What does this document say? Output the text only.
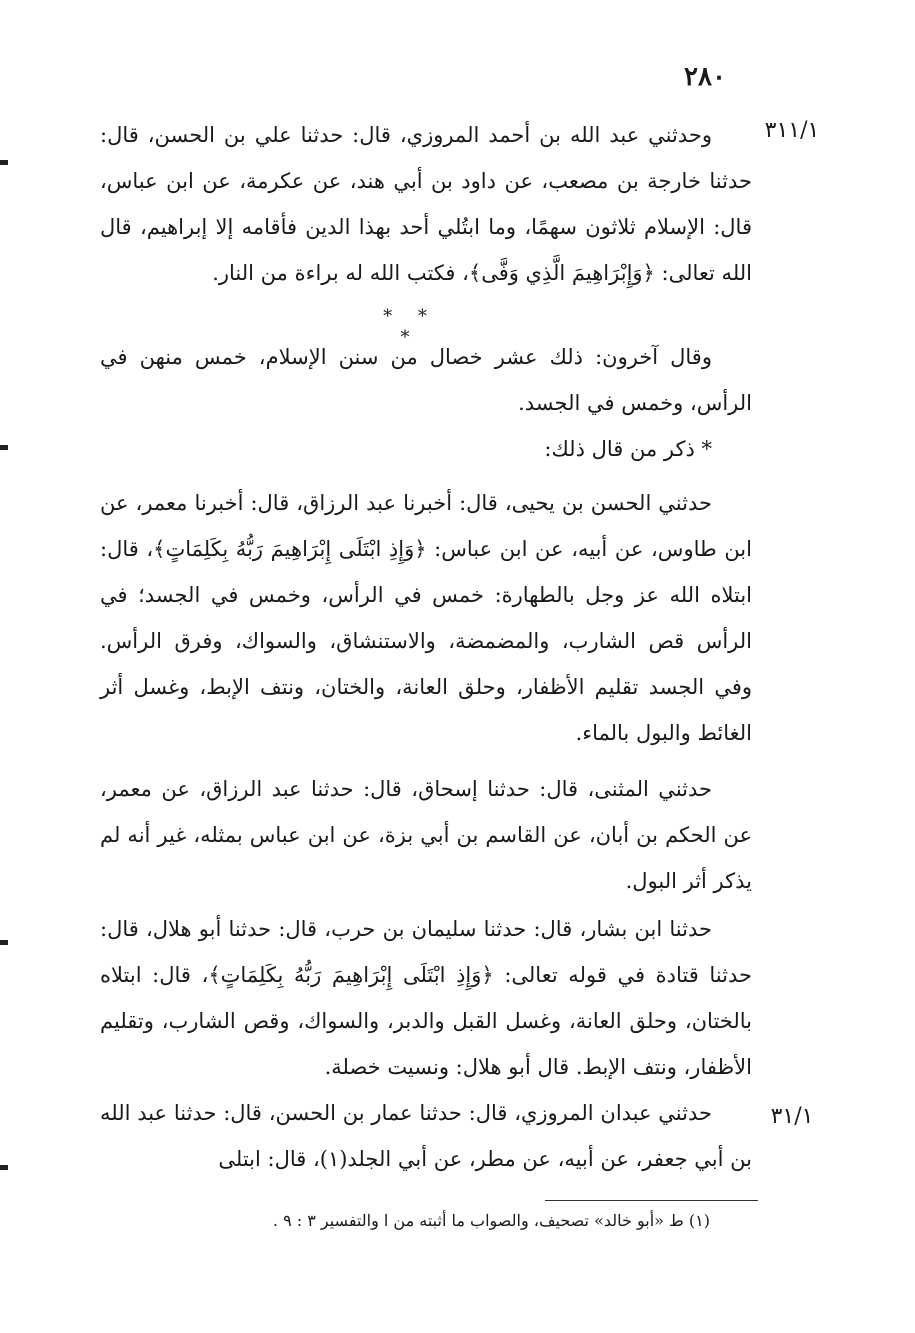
٢٨٠
٣١١/١

وحدثني عبد الله بن أحمد المروزي، قال: حدثنا علي بن الحسن، قال: حدثنا خارجة بن مصعب، عن داود بن أبي هند، عن عكرمة، عن ابن عباس، قال: الإسلام ثلاثون سهمًا، وما ابتُلي أحد بهذا الدين فأقامه إلا إبراهيم، قال الله تعالى: ﴿وَإِبْرَاهِيمَ الَّذِي وَفَّى﴾، فكتب الله له براءة من النار.

* * *

وقال آخرون: ذلك عشر خصال من سنن الإسلام، خمس منهن في الرأس، وخمس في الجسد.

* ذكر من قال ذلك:

حدثني الحسن بن يحيى، قال: أخبرنا عبد الرزاق، قال: أخبرنا معمر، عن ابن طاوس، عن أبيه، عن ابن عباس: ﴿وَإِذِ ابْتَلَى إِبْرَاهِيمَ رَبُّهُ بِكَلِمَاتٍ﴾، قال: ابتلاه الله عز وجل بالطهارة: خمس في الرأس، وخمس في الجسد؛ في الرأس قص الشارب، والمضمضة، والاستنشاق، والسواك، وفرق الرأس. وفي الجسد تقليم الأظفار، وحلق العانة، والختان، ونتف الإبط، وغسل أثر الغائط والبول بالماء.

حدثني المثنى، قال: حدثنا إسحاق، قال: حدثنا عبد الرزاق، عن معمر، عن الحكم بن أبان، عن القاسم بن أبي بزة، عن ابن عباس بمثله، غير أنه لم يذكر أثر البول.

حدثنا ابن بشار، قال: حدثنا سليمان بن حرب، قال: حدثنا أبو هلال، قال: حدثنا قتادة في قوله تعالى: ﴿وَإِذِ ابْتَلَى إِبْرَاهِيمَ رَبُّهُ بِكَلِمَاتٍ﴾، قال: ابتلاه بالختان، وحلق العانة، وغسل القبل والدبر، والسواك، وقص الشارب، وتقليم الأظفار، ونتف الإبط. قال أبو هلال: ونسيت خصلة.

٣١/١

حدثني عبدان المروزي، قال: حدثنا عمار بن الحسن، قال: حدثنا عبد الله بن أبي جعفر، عن أبيه، عن مطر، عن أبي الجلد(١)، قال: ابتلى

(١) ط «أبو خالد» تصحيف، والصواب ما أثبته من ا والتفسير ٣ : ٩ .
